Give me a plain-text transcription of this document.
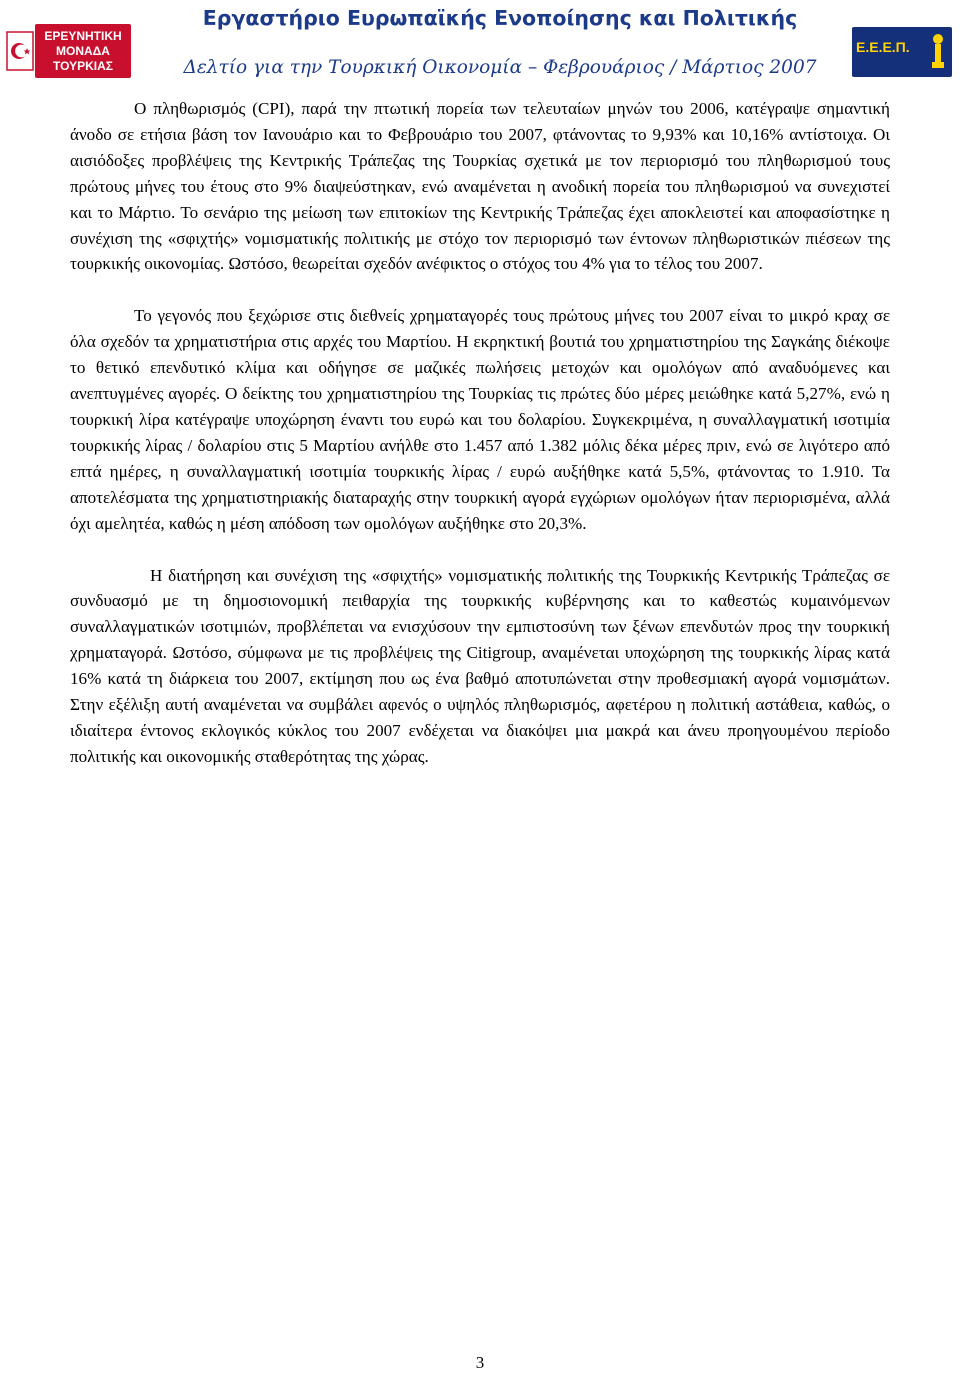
ΕΡΕΥΝΗΤΙΚΗ
ΜΟΝΑΔΑ
ΤΟΥΡΚΙΑΣ
Εργαστήριο Ευρωπαϊκής Ενοποίησης και Πολιτικής
Δελτίο για την Τουρκική Οικονομία – Φεβρουάριος / Μάρτιος 2007
Ε.Ε.Ε.Π.

Ο πληθωρισμός (CPI), παρά την πτωτική πορεία των τελευταίων μηνών του 2006, κατέγραψε σημαντική άνοδο σε ετήσια βάση τον Ιανουάριο και το Φεβρουάριο του 2007, φτάνοντας το 9,93% και 10,16% αντίστοιχα. Οι αισιόδοξες προβλέψεις της Κεντρικής Τράπεζας της Τουρκίας σχετικά με τον περιορισμό του πληθωρισμού τους πρώτους μήνες του έτους στο 9% διαψεύστηκαν, ενώ αναμένεται η ανοδική πορεία του πληθωρισμού να συνεχιστεί και το Μάρτιο. Το σενάριο της μείωση των επιτοκίων της Κεντρικής Τράπεζας έχει αποκλειστεί και αποφασίστηκε η συνέχιση της «σφιχτής» νομισματικής πολιτικής με στόχο τον περιορισμό των έντονων πληθωριστικών πιέσεων της τουρκικής οικονομίας. Ωστόσο, θεωρείται σχεδόν ανέφικτος ο στόχος του 4% για το τέλος του 2007.

Το γεγονός που ξεχώρισε στις διεθνείς χρηματαγορές τους πρώτους μήνες του 2007 είναι το μικρό κραχ σε όλα σχεδόν τα χρηματιστήρια στις αρχές του Μαρτίου. Η εκρηκτική βουτιά του χρηματιστηρίου της Σαγκάης διέκοψε το θετικό επενδυτικό κλίμα και οδήγησε σε μαζικές πωλήσεις μετοχών και ομολόγων από αναδυόμενες και ανεπτυγμένες αγορές. Ο δείκτης του χρηματιστηρίου της Τουρκίας τις πρώτες δύο μέρες μειώθηκε κατά 5,27%, ενώ η τουρκική λίρα κατέγραψε υποχώρηση έναντι του ευρώ και του δολαρίου. Συγκεκριμένα, η συναλλαγματική ισοτιμία τουρκικής λίρας / δολαρίου στις 5 Μαρτίου ανήλθε στο 1.457 από 1.382 μόλις δέκα μέρες πριν, ενώ σε λιγότερο από επτά ημέρες, η συναλλαγματική ισοτιμία τουρκικής λίρας / ευρώ αυξήθηκε κατά 5,5%, φτάνοντας το 1.910. Τα αποτελέσματα της χρηματιστηριακής διαταραχής στην τουρκική αγορά εγχώριων ομολόγων ήταν περιορισμένα, αλλά όχι αμελητέα, καθώς η μέση απόδοση των ομολόγων αυξήθηκε στο 20,3%.

Η διατήρηση και συνέχιση της «σφιχτής» νομισματικής πολιτικής της Τουρκικής Κεντρικής Τράπεζας σε συνδυασμό με τη δημοσιονομική πειθαρχία της τουρκικής κυβέρνησης και το καθεστώς κυμαινόμενων συναλλαγματικών ισοτιμιών, προβλέπεται να ενισχύσουν την εμπιστοσύνη των ξένων επενδυτών προς την τουρκική χρηματαγορά. Ωστόσο, σύμφωνα με τις προβλέψεις της Citigroup, αναμένεται υποχώρηση της τουρκικής λίρας κατά 16% κατά τη διάρκεια του 2007, εκτίμηση που ως ένα βαθμό αποτυπώνεται στην προθεσμιακή αγορά νομισμάτων. Στην εξέλιξη αυτή αναμένεται να συμβάλει αφενός ο υψηλός πληθωρισμός, αφετέρου η πολιτική αστάθεια, καθώς, ο ιδιαίτερα έντονος εκλογικός κύκλος του 2007 ενδέχεται να διακόψει μια μακρά και άνευ προηγουμένου περίοδο πολιτικής και οικονομικής σταθερότητας της χώρας.

3
